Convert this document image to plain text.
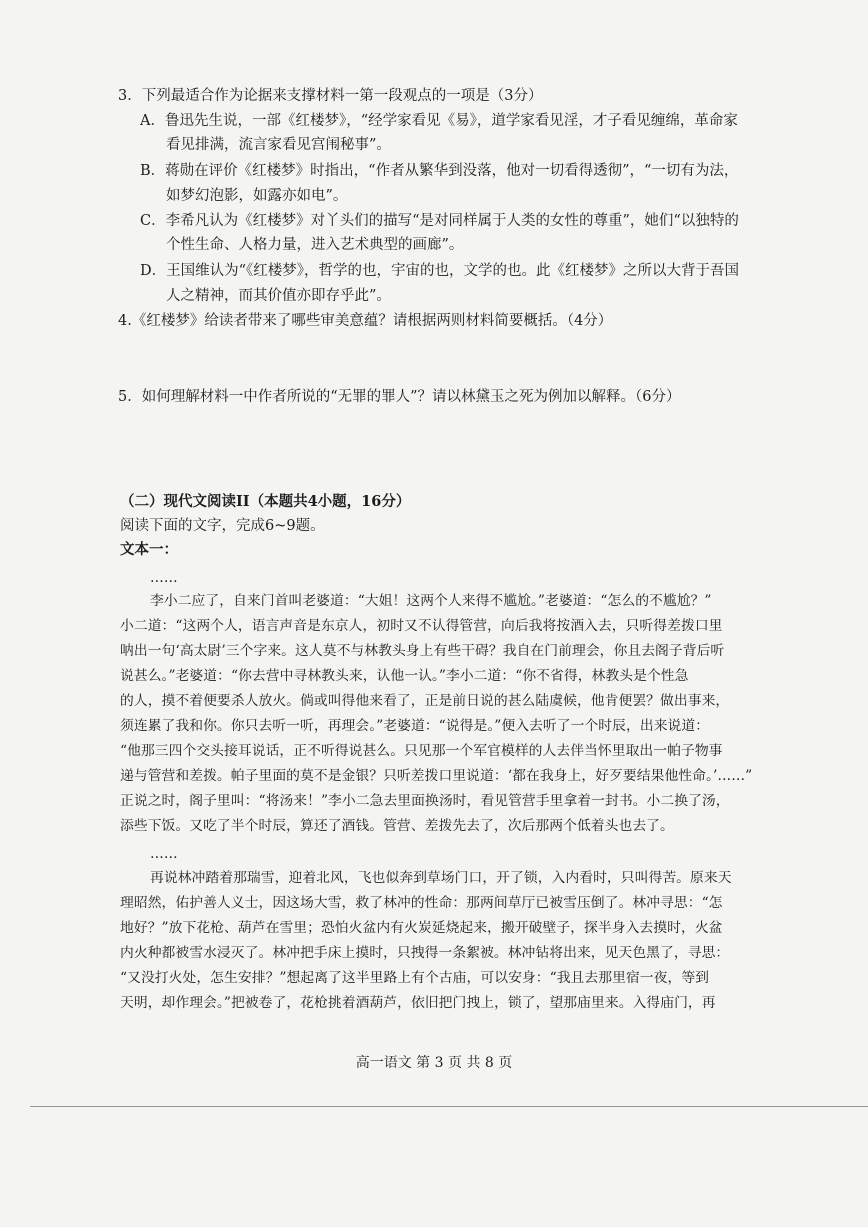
3．下列最适合作为论据来支撑材料一第一段观点的一项是（3分）
A．鲁迅先生说，一部《红楼梦》，“经学家看见《易》，道学家看见淫，才子看见缠绵，革命家
看见排满，流言家看见宫闱秘事”。
B．蒋勋在评价《红楼梦》时指出，“作者从繁华到没落，他对一切看得透彻”，“一切有为法，
如梦幻泡影，如露亦如电”。
C．李希凡认为《红楼梦》对丫头们的描写“是对同样属于人类的女性的尊重”，她们“以独特的
个性生命、人格力量，进入艺术典型的画廊”。
D．王国维认为“《红楼梦》，哲学的也，宇宙的也，文学的也。此《红楼梦》之所以大背于吾国
人之精神，而其价值亦即存乎此”。
4.《红楼梦》给读者带来了哪些审美意蕴？请根据两则材料简要概括。（4分）
5．如何理解材料一中作者所说的“无罪的罪人”？请以林黛玉之死为例加以解释。（6分）
（二）现代文阅读II（本题共4小题，16分）
阅读下面的文字，完成6~9题。
文本一：
……
李小二应了，自来门首叫老婆道：“大姐！这两个人来得不尴尬。”老婆道：“怎么的不尴尬？”
小二道：“这两个人，语言声音是东京人，初时又不认得管营，向后我将按酒入去，只听得差拨口里
呐出一句‘高太尉’三个字来。这人莫不与林教头身上有些干碍？我自在门前理会，你且去阁子背后听
说甚么。”老婆道：“你去营中寻林教头来，认他一认。”李小二道：“你不省得，林教头是个性急
的人，摸不着便要杀人放火。倘或叫得他来看了，正是前日说的甚么陆虞候，他肯便罢？做出事来，
须连累了我和你。你只去听一听，再理会。”老婆道：“说得是。”便入去听了一个时辰，出来说道：
“他那三四个交头接耳说话，正不听得说甚么。只见那一个军官模样的人去伴当怀里取出一帕子物事
递与管营和差拨。帕子里面的莫不是金银？只听差拨口里说道：‘都在我身上，好歹要结果他性命。’……”
正说之时，阁子里叫：“将汤来！”李小二急去里面换汤时，看见管营手里拿着一封书。小二换了汤，
添些下饭。又吃了半个时辰，算还了酒钱。管营、差拨先去了，次后那两个低着头也去了。
……
再说林冲踏着那瑞雪，迎着北风，飞也似奔到草场门口，开了锁，入内看时，只叫得苦。原来天
理昭然，佑护善人义士，因这场大雪，救了林冲的性命：那两间草厅已被雪压倒了。林冲寻思：“怎
地好？”放下花枪、葫芦在雪里；恐怕火盆内有火炭延烧起来，搬开破壁子，探半身入去摸时，火盆
内火种都被雪水浸灭了。林冲把手床上摸时，只拽得一条絮被。林冲钻将出来，见天色黑了，寻思：
“又没打火处，怎生安排？”想起离了这半里路上有个古庙，可以安身：“我且去那里宿一夜，等到
天明，却作理会。”把被卷了，花枪挑着酒葫芦，依旧把门拽上，锁了，望那庙里来。入得庙门，再
高一语文 第 3 页 共 8 页
